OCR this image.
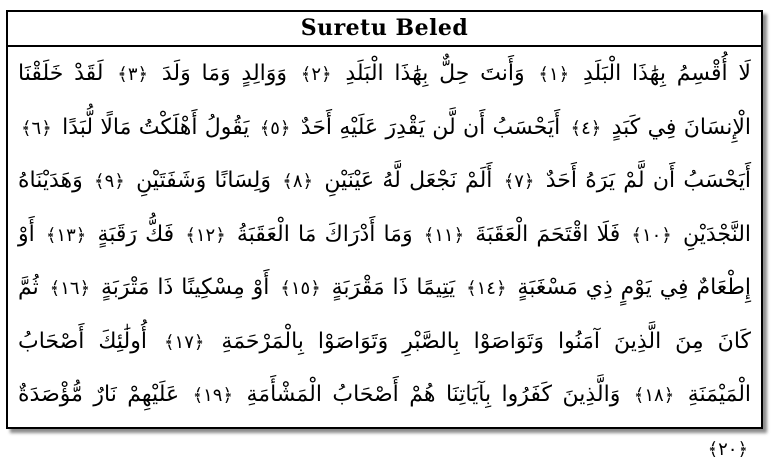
Suretu Beled
لَا أُقْسِمُ بِهَٰذَا الْبَلَدِ ﴿١﴾ وَأَنتَ حِلٌّ بِهَٰذَا الْبَلَدِ ﴿٢﴾ وَوَالِدٍ وَمَا وَلَدَ ﴿٣﴾ لَقَدْ خَلَقْنَا الْإِنسَانَ فِي كَبَدٍ ﴿٤﴾ أَيَحْسَبُ أَن لَّن يَقْدِرَ عَلَيْهِ أَحَدٌ ﴿٥﴾ يَقُولُ أَهْلَكْتُ مَالًا لُّبَدًا ﴿٦﴾ أَيَحْسَبُ أَن لَّمْ يَرَهُ أَحَدٌ ﴿٧﴾ أَلَمْ نَجْعَل لَّهُ عَيْنَيْنِ ﴿٨﴾ وَلِسَانًا وَشَفَتَيْنِ ﴿٩﴾ وَهَدَيْنَاهُ النَّجْدَيْنِ ﴿١٠﴾ فَلَا اقْتَحَمَ الْعَقَبَةَ ﴿١١﴾ وَمَا أَدْرَاكَ مَا الْعَقَبَةُ ﴿١٢﴾ فَكُّ رَقَبَةٍ ﴿١٣﴾ أَوْ إِطْعَامٌ فِي يَوْمٍ ذِي مَسْغَبَةٍ ﴿١٤﴾ يَتِيمًا ذَا مَقْرَبَةٍ ﴿١٥﴾ أَوْ مِسْكِينًا ذَا مَتْرَبَةٍ ﴿١٦﴾ ثُمَّ كَانَ مِنَ الَّذِينَ آمَنُوا وَتَوَاصَوْا بِالصَّبْرِ وَتَوَاصَوْا بِالْمَرْحَمَةِ ﴿١٧﴾ أُولَٰئِكَ أَصْحَابُ الْمَيْمَنَةِ ﴿١٨﴾ وَالَّذِينَ كَفَرُوا بِآيَاتِنَا هُمْ أَصْحَابُ الْمَشْأَمَةِ ﴿١٩﴾ عَلَيْهِمْ نَارٌ مُّؤْصَدَةٌ ﴿٢٠﴾
